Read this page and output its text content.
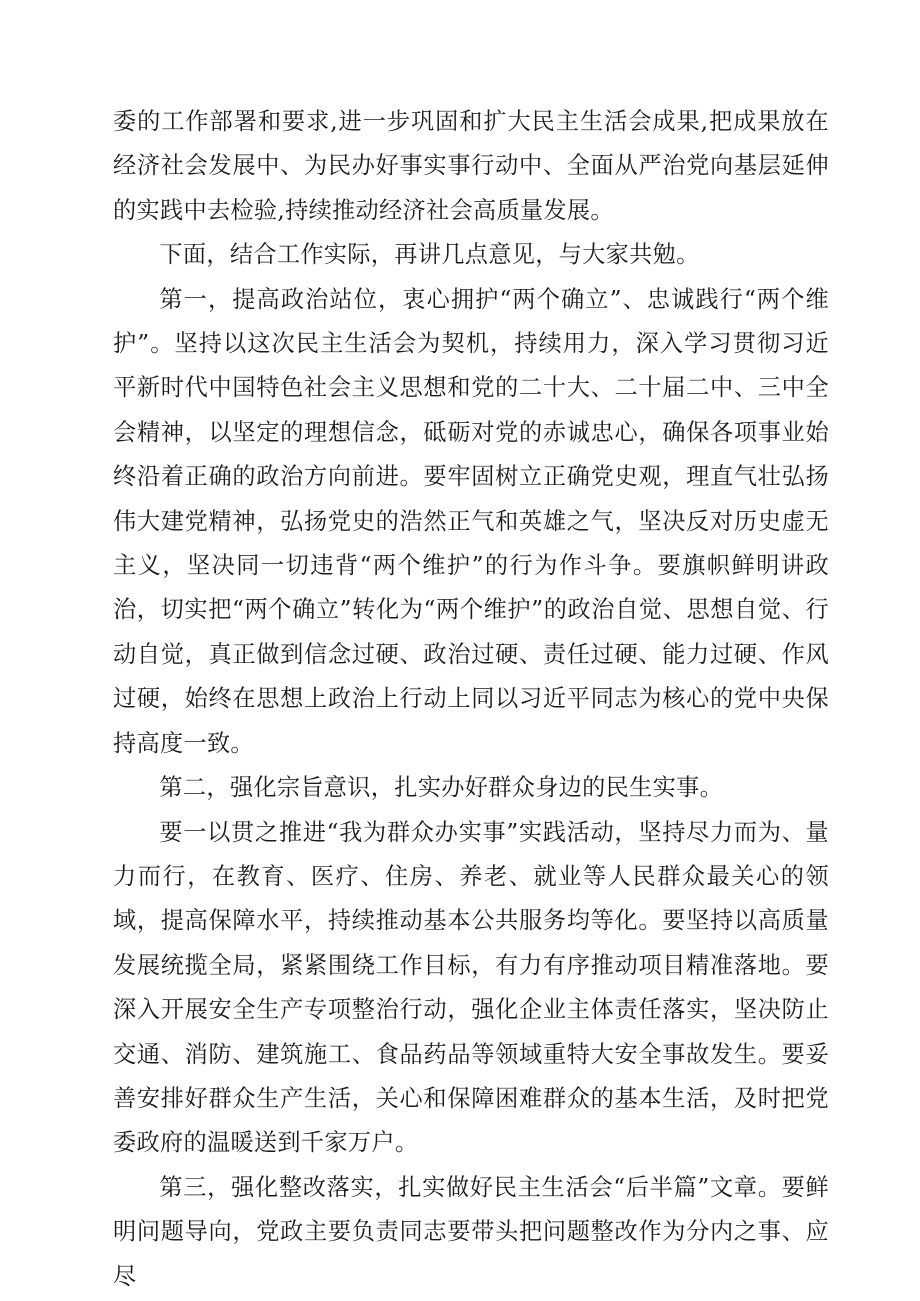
委的工作部署和要求,进一步巩固和扩大民主生活会成果,把成果放在经济社会发展中、为民办好事实事行动中、全面从严治党向基层延伸的实践中去检验,持续推动经济社会高质量发展。

下面，结合工作实际，再讲几点意见，与大家共勉。

第一，提高政治站位，衷心拥护“两个确立”、忠诚践行“两个维护”。坚持以这次民主生活会为契机，持续用力，深入学习贯彻习近平新时代中国特色社会主义思想和党的二十大、二十届二中、三中全会精神，以坚定的理想信念，砥砺对党的赤诚忠心，确保各项事业始终沿着正确的政治方向前进。要牢固树立正确党史观，理直气壮弘扬伟大建党精神，弘扬党史的浩然正气和英雄之气，坚决反对历史虚无主义，坚决同一切违背“两个维护”的行为作斗争。要旗帜鲜明讲政治，切实把“两个确立”转化为“两个维护”的政治自觉、思想自觉、行动自觉，真正做到信念过硬、政治过硬、责任过硬、能力过硬、作风过硬，始终在思想上政治上行动上同以习近平同志为核心的党中央保持高度一致。

第二，强化宗旨意识，扎实办好群众身边的民生实事。

要一以贯之推进“我为群众办实事”实践活动，坚持尽力而为、量力而行，在教育、医疗、住房、养老、就业等人民群众最关心的领域，提高保障水平，持续推动基本公共服务均等化。要坚持以高质量发展统揽全局，紧紧围绕工作目标，有力有序推动项目精准落地。要深入开展安全生产专项整治行动，强化企业主体责任落实，坚决防止交通、消防、建筑施工、食品药品等领域重特大安全事故发生。要妥善安排好群众生产生活，关心和保障困难群众的基本生活，及时把党委政府的温暖送到千家万户。

第三，强化整改落实，扎实做好民主生活会“后半篇”文章。要鲜明问题导向，党政主要负责同志要带头把问题整改作为分内之事、应尽
